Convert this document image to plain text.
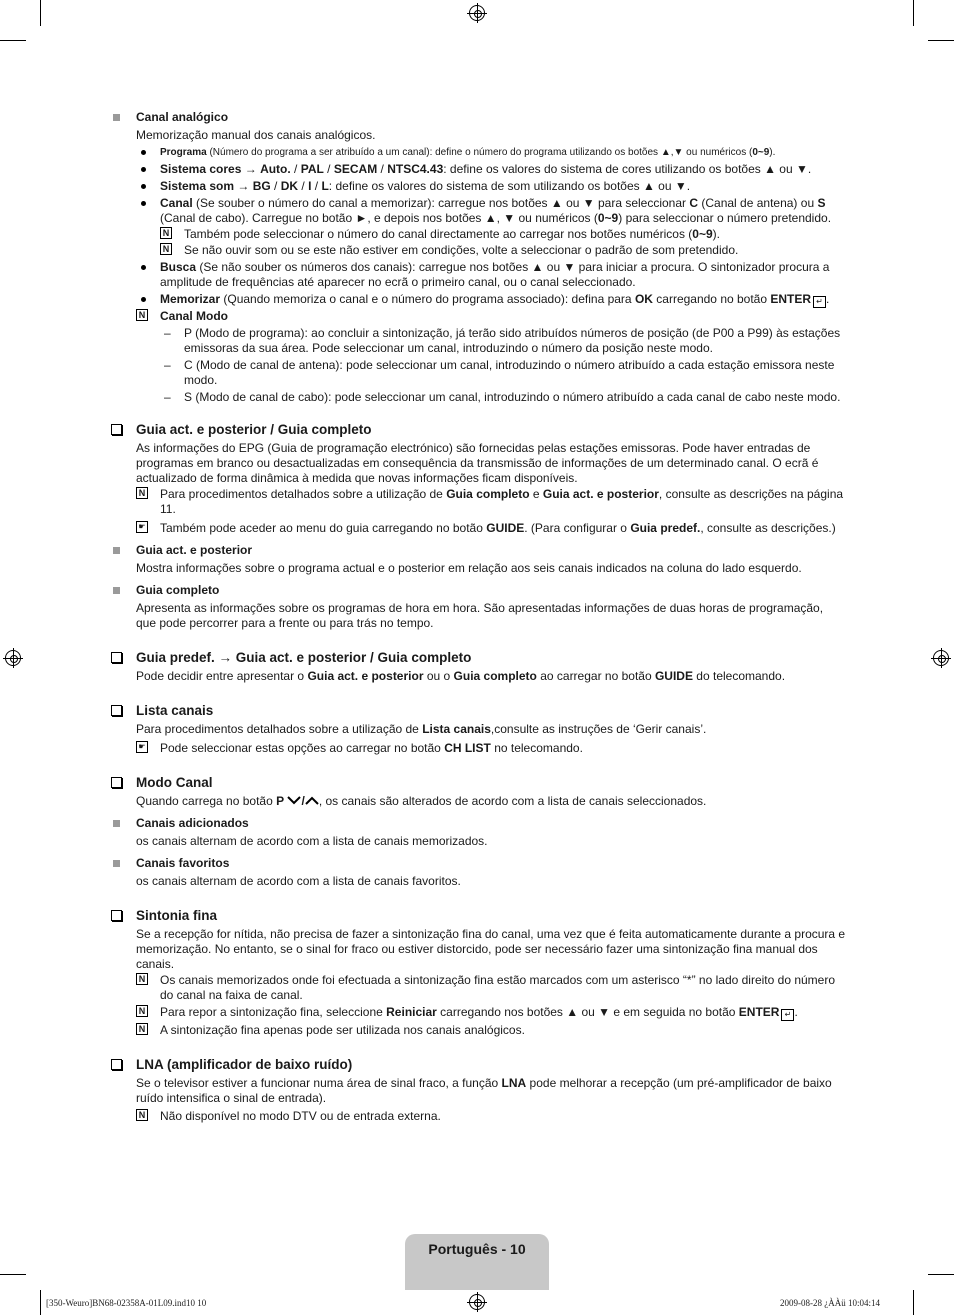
Canal analógico
Memorização manual dos canais analógicos.
Programa (Número do programa a ser atribuído a um canal): define o número do programa utilizando os botões ▲,▼ ou numéricos (0~9).
Sistema cores → Auto. / PAL / SECAM / NTSC4.43: define os valores do sistema de cores utilizando os botões ▲ ou ▼.
Sistema som → BG / DK / I / L: define os valores do sistema de som utilizando os botões ▲ ou ▼.
Canal (Se souber o número do canal a memorizar): carregue nos botões ▲ ou ▼ para seleccionar C (Canal de antena) ou S (Canal de cabo). Carregue no botão ►, e depois nos botões ▲, ▼ ou numéricos (0~9) para seleccionar o número pretendido.
N Também pode seleccionar o número do canal directamente ao carregar nos botões numéricos (0~9).
N Se não ouvir som ou se este não estiver em condições, volte a seleccionar o padrão de som pretendido.
Busca (Se não souber os números dos canais): carregue nos botões ▲ ou ▼ para iniciar a procura. O sintonizador procura a amplitude de frequências até aparecer no ecrã o primeiro canal, ou o canal seleccionado.
Memorizar (Quando memoriza o canal e o número do programa associado): defina para OK carregando no botão ENTER ↵ .
N Canal Modo
– P (Modo de programa): ao concluir a sintonização, já terão sido atribuídos números de posição (de P00 a P99) às estações emissoras da sua área. Pode seleccionar um canal, introduzindo o número da posição neste modo.
– C (Modo de canal de antena): pode seleccionar um canal, introduzindo o número atribuído a cada estação emissora neste modo.
– S (Modo de canal de cabo): pode seleccionar um canal, introduzindo o número atribuído a cada canal de cabo neste modo.
Guia act. e posterior / Guia completo
As informações do EPG (Guia de programação electrónico) são fornecidas pelas estações emissoras. Pode haver entradas de programas em branco ou desactualizadas em consequência da transmissão de informações de um determinado canal. O ecrã é actualizado de forma dinâmica à medida que novas informações ficam disponíveis.
N Para procedimentos detalhados sobre a utilização de Guia completo e Guia act. e posterior, consulte as descrições na página 11.
☛ Também pode aceder ao menu do guia carregando no botão GUIDE. (Para configurar o Guia predef., consulte as descrições.)
Guia act. e posterior
Mostra informações sobre o programa actual e o posterior em relação aos seis canais indicados na coluna do lado esquerdo.
Guia completo
Apresenta as informações sobre os programas de hora em hora. São apresentadas informações de duas horas de programação, que pode percorrer para a frente ou para trás no tempo.
Guia predef. → Guia act. e posterior / Guia completo
Pode decidir entre apresentar o Guia act. e posterior ou o Guia completo ao carregar no botão GUIDE do telecomando.
Lista canais
Para procedimentos detalhados sobre a utilização de Lista canais,consulte as instruções de ‘Gerir canais’.
☛ Pode seleccionar estas opções ao carregar no botão CH LIST no telecomando.
Modo Canal
Quando carrega no botão P / , os canais são alterados de acordo com a lista de canais seleccionados.
Canais adicionados
os canais alternam de acordo com a lista de canais memorizados.
Canais favoritos
os canais alternam de acordo com a lista de canais favoritos.
Sintonia fina
Se a recepção for nítida, não precisa de fazer a sintonização fina do canal, uma vez que é feita automaticamente durante a procura e memorização. No entanto, se o sinal for fraco ou estiver distorcido, pode ser necessário fazer uma sintonização fina manual dos canais.
N Os canais memorizados onde foi efectuada a sintonização fina estão marcados com um asterisco “*” no lado direito do número do canal na faixa de canal.
N Para repor a sintonização fina, seleccione Reiniciar carregando nos botões ▲ ou ▼ e em seguida no botão ENTER ↵ .
N A sintonização fina apenas pode ser utilizada nos canais analógicos.
LNA (amplificador de baixo ruído)
Se o televisor estiver a funcionar numa área de sinal fraco, a função LNA pode melhorar a recepção (um pré-amplificador de baixo ruído intensifica o sinal de entrada).
N Não disponível no modo DTV ou de entrada externa.
Português - 10
[350-Weuro]BN68-02358A-01L09.ind10 10	2009-08-28 ¿ÀÀü 10:04:14
